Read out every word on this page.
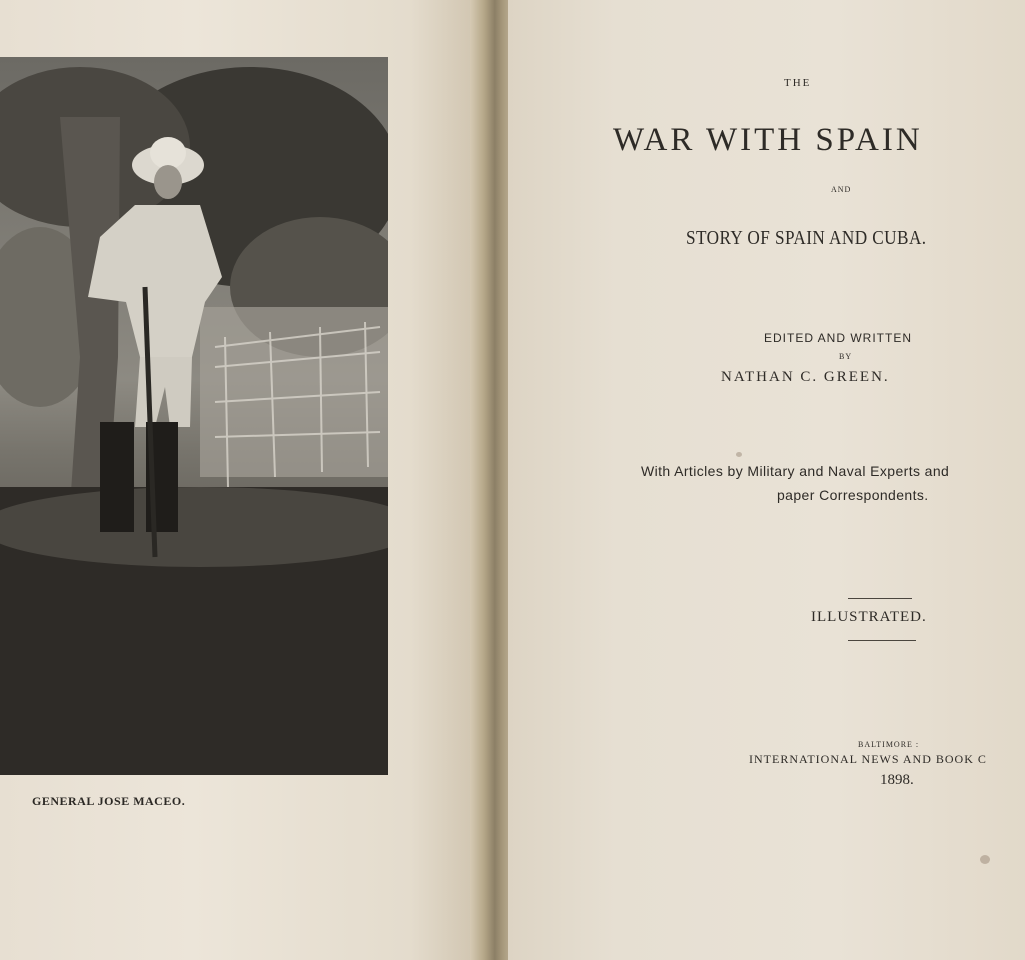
GENERAL JOSE MACEO.
THE
WAR WITH SPAIN
AND
STORY OF SPAIN AND CUBA.
EDITED AND WRITTEN
BY
NATHAN C. GREEN.
With Articles by Military and Naval Experts and
paper Correspondents.
ILLUSTRATED.
BALTIMORE :
INTERNATIONAL NEWS AND BOOK C
1898.
